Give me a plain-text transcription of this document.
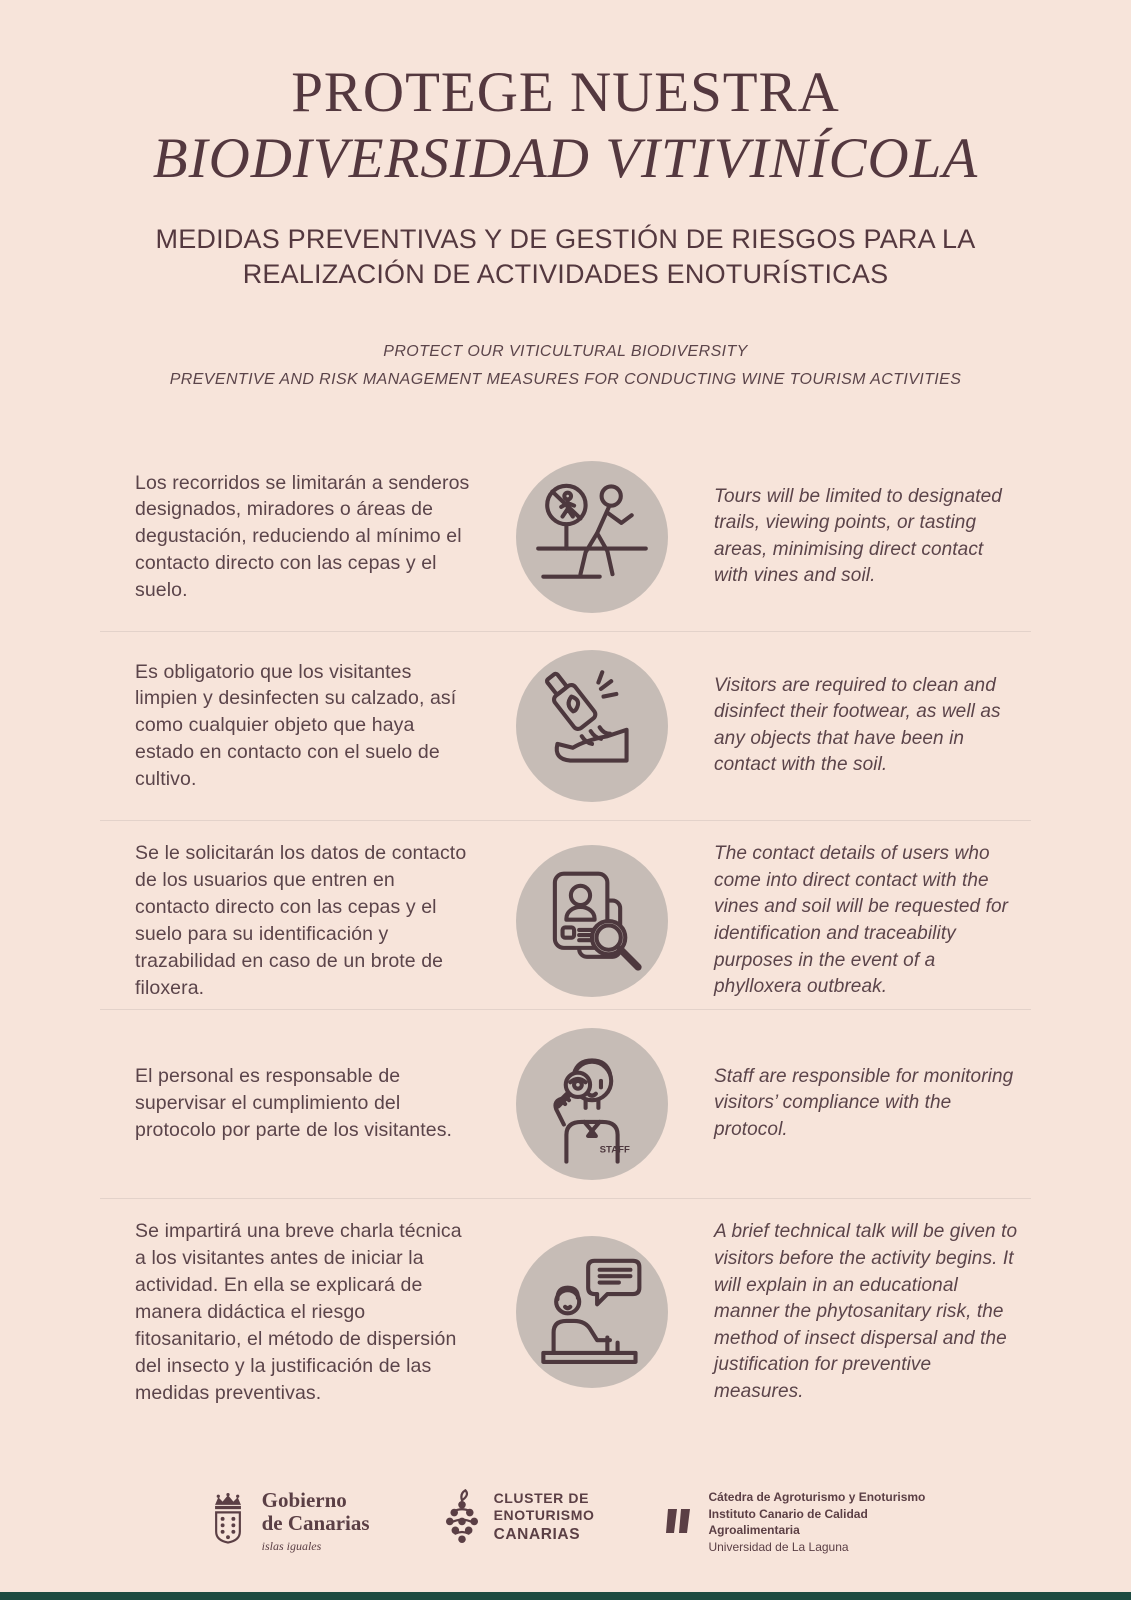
PROTEGE NUESTRA
BIODIVERSIDAD VITIVINÍCOLA
MEDIDAS PREVENTIVAS Y DE GESTIÓN DE RIESGOS PARA LA REALIZACIÓN DE ACTIVIDADES ENOTURÍSTICAS
PROTECT OUR VITICULTURAL BIODIVERSITY
PREVENTIVE AND RISK MANAGEMENT MEASURES FOR CONDUCTING WINE TOURISM ACTIVITIES

Los recorridos se limitarán a senderos designados, miradores o áreas de degustación, reduciendo al mínimo el contacto directo con las cepas y el suelo.

Tours will be limited to designated trails, viewing points, or tasting areas, minimising direct contact with vines and soil.

Es obligatorio que los visitantes limpien y desinfecten su calzado, así como cualquier objeto que haya estado en contacto con el suelo de cultivo.

Visitors are required to clean and disinfect their footwear, as well as any objects that have been in contact with the soil.

Se le solicitarán los datos de contacto de los usuarios que entren en contacto directo con las cepas y el suelo para su identificación y trazabilidad en caso de un brote de filoxera.

The contact details of users who come into direct contact with the vines and soil will be requested for identification and traceability purposes in the event of a phylloxera outbreak.

El personal es responsable de supervisar el cumplimiento del protocolo por parte de los visitantes.

STAFF

Staff are responsible for monitoring visitors’ compliance with the protocol.

Se impartirá una breve charla técnica a los visitantes antes de iniciar la actividad. En ella se explicará de manera didáctica el riesgo fitosanitario, el método de dispersión del insecto y la justificación de las medidas preventivas.

A brief technical talk will be given to visitors before the activity begins. It will explain in an educational manner the phytosanitary risk, the method of insect dispersal and the justification for preventive measures.

Gobierno
de Canarias
islas iguales
CLUSTER DE
ENOTURISMO
CANARIAS
Cátedra de Agroturismo y Enoturismo
Instituto Canario de Calidad
Agroalimentaria
Universidad de La Laguna
